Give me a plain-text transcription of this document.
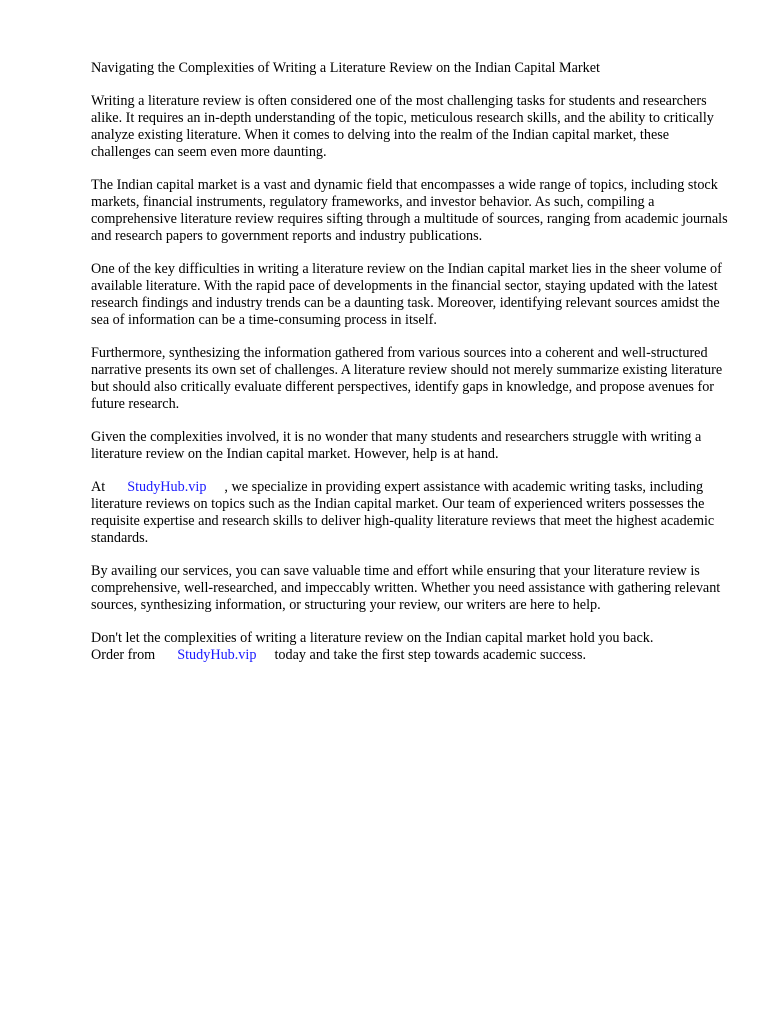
Navigating the Complexities of Writing a Literature Review on the Indian Capital Market

Writing a literature review is often considered one of the most challenging tasks for students and researchers alike. It requires an in-depth understanding of the topic, meticulous research skills, and the ability to critically analyze existing literature. When it comes to delving into the realm of the Indian capital market, these challenges can seem even more daunting.

The Indian capital market is a vast and dynamic field that encompasses a wide range of topics, including stock markets, financial instruments, regulatory frameworks, and investor behavior. As such, compiling a comprehensive literature review requires sifting through a multitude of sources, ranging from academic journals and research papers to government reports and industry publications.

One of the key difficulties in writing a literature review on the Indian capital market lies in the sheer volume of available literature. With the rapid pace of developments in the financial sector, staying updated with the latest research findings and industry trends can be a daunting task. Moreover, identifying relevant sources amidst the sea of information can be a time-consuming process in itself.

Furthermore, synthesizing the information gathered from various sources into a coherent and well-structured narrative presents its own set of challenges. A literature review should not merely summarize existing literature but should also critically evaluate different perspectives, identify gaps in knowledge, and propose avenues for future research.

Given the complexities involved, it is no wonder that many students and researchers struggle with writing a literature review on the Indian capital market. However, help is at hand.

At StudyHub.vip , we specialize in providing expert assistance with academic writing tasks, including literature reviews on topics such as the Indian capital market. Our team of experienced writers possesses the requisite expertise and research skills to deliver high-quality literature reviews that meet the highest academic standards.

By availing our services, you can save valuable time and effort while ensuring that your literature review is comprehensive, well-researched, and impeccably written. Whether you need assistance with gathering relevant sources, synthesizing information, or structuring your review, our writers are here to help.

Don't let the complexities of writing a literature review on the Indian capital market hold you back.
Order from StudyHub.vip today and take the first step towards academic success.
